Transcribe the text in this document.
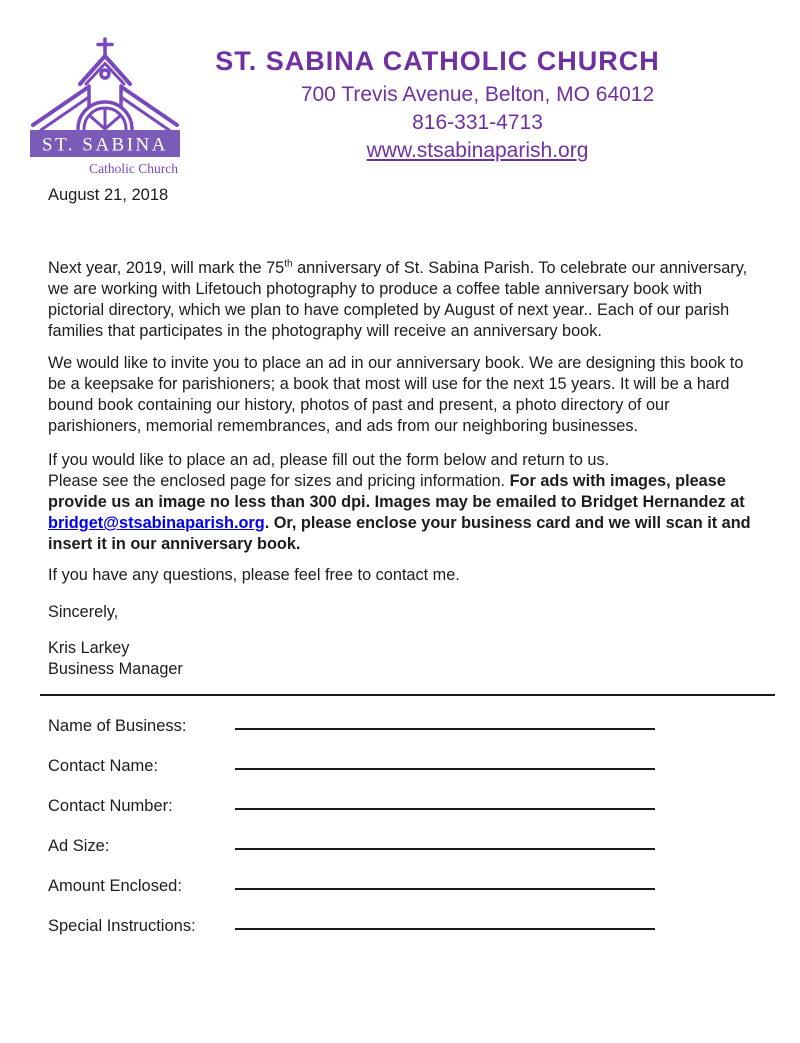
ST. SABINA
Catholic Church
ST. SABINA CATHOLIC CHURCH
700 Trevis Avenue, Belton, MO 64012
816-331-4713
www.stsabinaparish.org
August 21, 2018

Next year, 2019, will mark the 75th anniversary of St. Sabina Parish. To celebrate our anniversary, we are working with Lifetouch photography to produce a coffee table anniversary book with pictorial directory, which we plan to have completed by August of next year.. Each of our parish families that participates in the photography will receive an anniversary book.

We would like to invite you to place an ad in our anniversary book. We are designing this book to be a keepsake for parishioners; a book that most will use for the next 15 years. It will be a hard bound book containing our history, photos of past and present, a photo directory of our parishioners, memorial remembrances, and ads from our neighboring businesses.

If you would like to place an ad, please fill out the form below and return to us.
Please see the enclosed page for sizes and pricing information. For ads with images, please provide us an image no less than 300 dpi. Images may be emailed to Bridget Hernandez at bridget@stsabinaparish.org. Or, please enclose your business card and we will scan it and insert it in our anniversary book.

If you have any questions, please feel free to contact me.

Sincerely,

Kris Larkey
Business Manager
Name of Business:
Contact Name:
Contact Number:
Ad Size:
Amount Enclosed:
Special Instructions:
